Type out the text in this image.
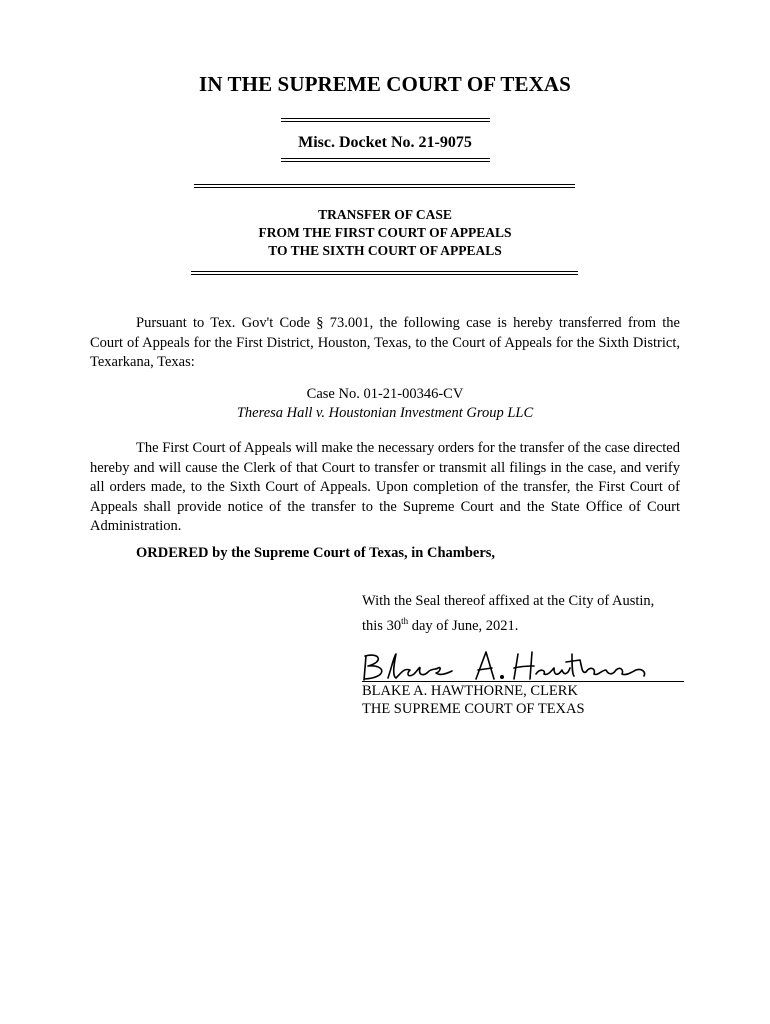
IN THE SUPREME COURT OF TEXAS
Misc. Docket No. 21-9075
TRANSFER OF CASE
FROM THE FIRST COURT OF APPEALS
TO THE SIXTH COURT OF APPEALS

Pursuant to Tex. Gov't Code § 73.001, the following case is hereby transferred from the Court of Appeals for the First District, Houston, Texas, to the Court of Appeals for the Sixth District, Texarkana, Texas:

Case No. 01-21-00346-CV
Theresa Hall v. Houstonian Investment Group LLC

The First Court of Appeals will make the necessary orders for the transfer of the case directed hereby and will cause the Clerk of that Court to transfer or transmit all filings in the case, and verify all orders made, to the Sixth Court of Appeals. Upon completion of the transfer, the First Court of Appeals shall provide notice of the transfer to the Supreme Court and the State Office of Court Administration.

ORDERED by the Supreme Court of Texas, in Chambers,
With the Seal thereof affixed at the City of Austin,
this 30th day of June, 2021.
BLAKE A. HAWTHORNE, CLERK
THE SUPREME COURT OF TEXAS
